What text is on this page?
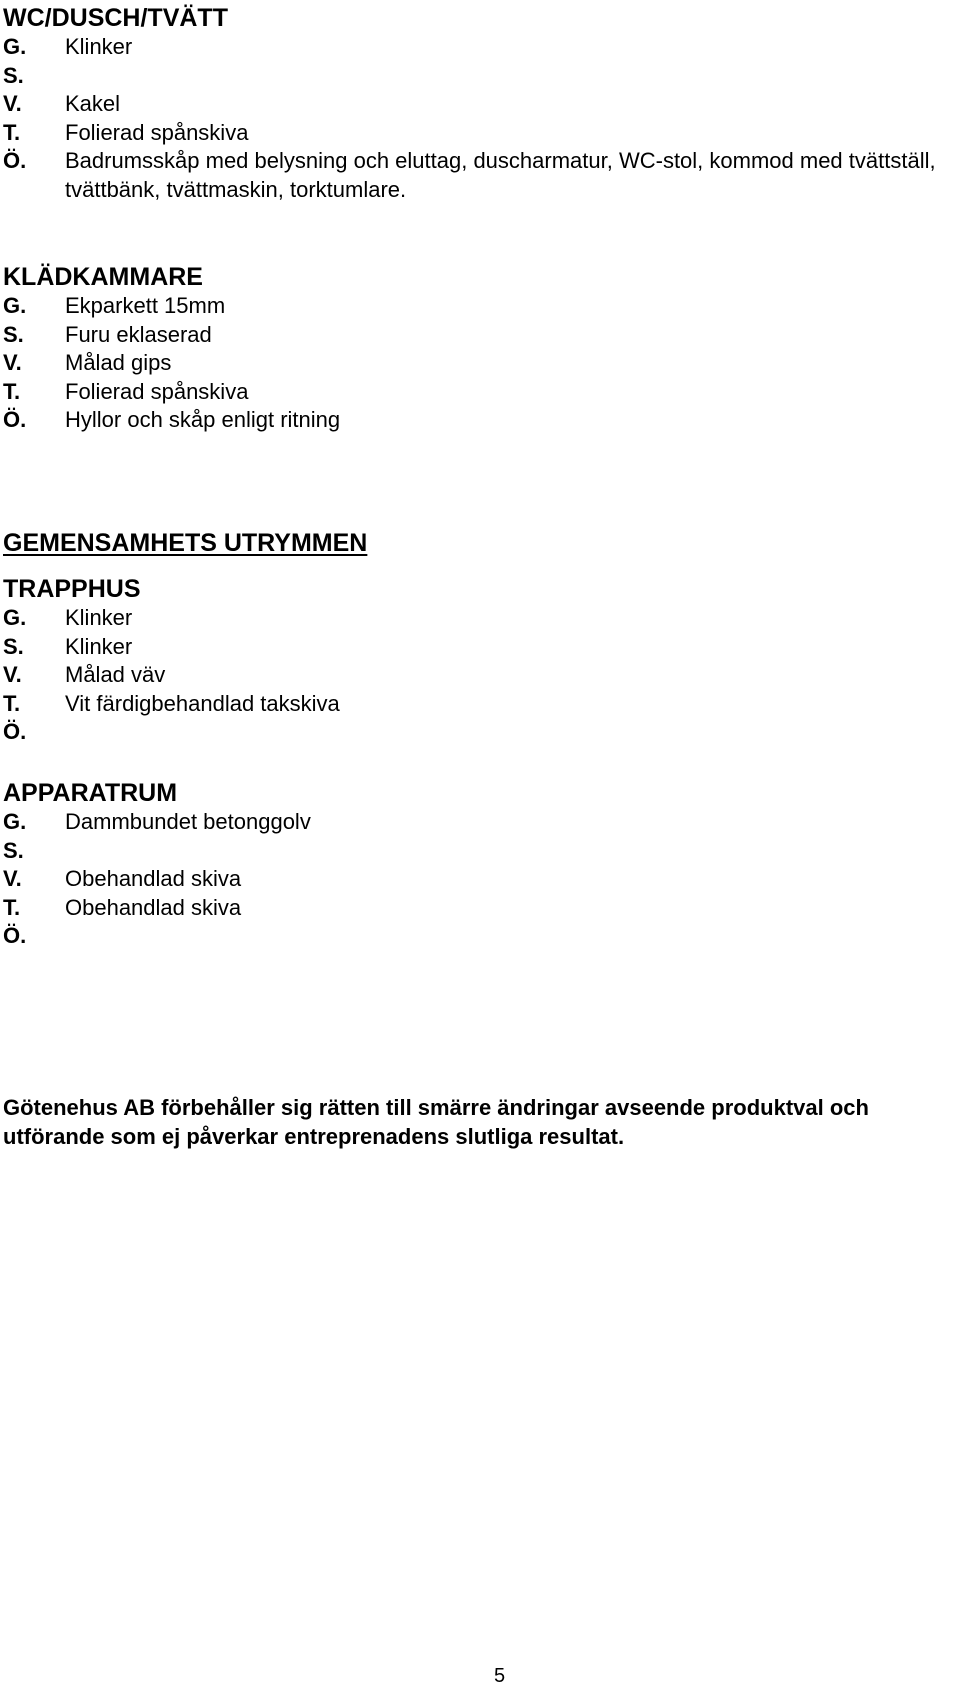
WC/DUSCH/TVÄTT
G.	Klinker
S.
V.	Kakel
T.	Folierad spånskiva
Ö.	Badrumsskåp med belysning och eluttag, duscharmatur, WC-stol, kommod med tvättställ, tvättbänk, tvättmaskin, torktumlare.
KLÄDKAMMARE
G.	Ekparkett 15mm
S.	Furu eklaserad
V.	Målad gips
T.	Folierad spånskiva
Ö.	Hyllor och skåp enligt ritning
GEMENSAMHETS UTRYMMEN
TRAPPHUS
G.	Klinker
S.	Klinker
V.	Målad väv
T.	Vit färdigbehandlad takskiva
Ö.
APPARATRUM
G.	Dammbundet betonggolv
S.
V.	Obehandlad skiva
T.	Obehandlad skiva
Ö.
Götenehus AB förbehåller sig rätten till smärre ändringar avseende produktval och utförande som ej påverkar entreprenadens slutliga resultat.
5
